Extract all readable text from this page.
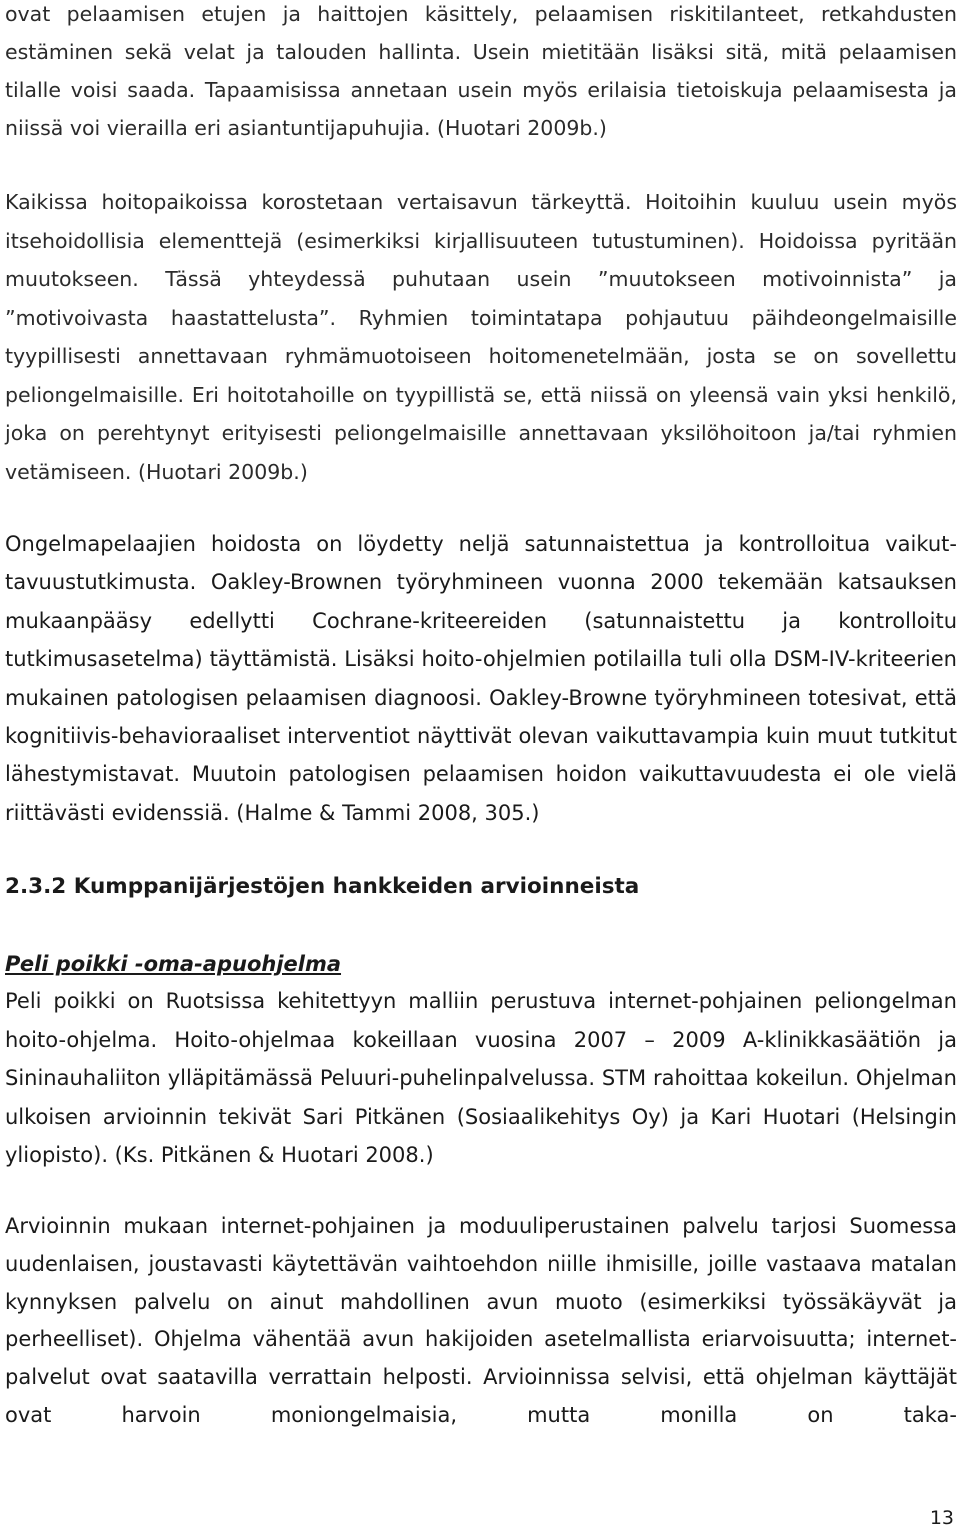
ovat pelaamisen etujen ja haittojen käsittely, pelaamisen riskitilanteet, retkahdusten estäminen sekä velat ja talouden hallinta. Usein mietitään lisäksi sitä, mitä pelaamisen tilalle voisi saada. Tapaamisissa annetaan usein myös erilaisia tietoiskuja pelaamisesta ja niissä voi vierailla eri asiantuntijapuhujia. (Huotari 2009b.)

Kaikissa hoitopaikoissa korostetaan vertaisavun tärkeyttä. Hoitoihin kuuluu usein myös itsehoidollisia elementtejä (esimerkiksi kirjallisuuteen tutustuminen). Hoidoissa pyritään muutokseen. Tässä yhteydessä puhutaan usein ”muutokseen motivoinnista” ja ”motivoivasta haastattelusta”. Ryhmien toimintatapa pohjautuu päihdeongelmaisille tyypillisesti annettavaan ryhmämuotoiseen hoitomenetelmään, josta se on sovellettu peliongelmaisille. Eri hoitotahoille on tyypillistä se, että niissä on yleensä vain yksi henkilö, joka on perehtynyt erityisesti peliongelmaisille annettavaan yksilöhoitoon ja/tai ryhmien vetämiseen. (Huotari 2009b.)

Ongelmapelaajien hoidosta on löydetty neljä satunnaistettua ja kontrolloitua vaikuttavuustutkimusta. Oakley-Brownen työryhmineen vuonna 2000 tekemään katsauksen mukaanpääsy edellytti Cochrane-kriteereiden (satunnaistettu ja kontrolloitu tutkimusasetelma) täyttämistä. Lisäksi hoito-ohjelmien potilailla tuli olla DSM-IV-kriteerien mukainen patologisen pelaamisen diagnoosi. Oakley-Browne työryhmineen totesivat, että kognitiivis-behavioraaliset interventiot näyttivät olevan vaikuttavampia kuin muut tutkitut lähestymistavat. Muutoin patologisen pelaamisen hoidon vaikuttavuudesta ei ole vielä riittävästi evidenssiä. (Halme & Tammi 2008, 305.)

2.3.2 Kumppanijärjestöjen hankkeiden arvioinneista
Peli poikki -oma-apuohjelma

Peli poikki on Ruotsissa kehitettyyn malliin perustuva internet-pohjainen peliongelman hoito-ohjelma. Hoito-ohjelmaa kokeillaan vuosina 2007 – 2009 A-klinikkasäätiön ja Sininauhaliiton ylläpitämässä Peluuri-puhelinpalvelussa. STM rahoittaa kokeilun. Ohjelman ulkoisen arvioinnin tekivät Sari Pitkänen (Sosiaalikehitys Oy) ja Kari Huotari (Helsingin yliopisto). (Ks. Pitkänen & Huotari 2008.)

Arvioinnin mukaan internet-pohjainen ja moduuliperustainen palvelu tarjosi Suomessa uudenlaisen, joustavasti käytettävän vaihtoehdon niille ihmisille, joille vastaava matalan kynnyksen palvelu on ainut mahdollinen avun muoto (esimerkiksi työssäkäyvät ja perheelliset). Ohjelma vähentää avun hakijoiden asetelmallista eriarvoisuutta; internet-palvelut ovat saatavilla verrattain helposti. Arvioinnissa selvisi, että ohjelman käyttäjät ovat harvoin moniongelmaisia, mutta monilla on taka-

13
